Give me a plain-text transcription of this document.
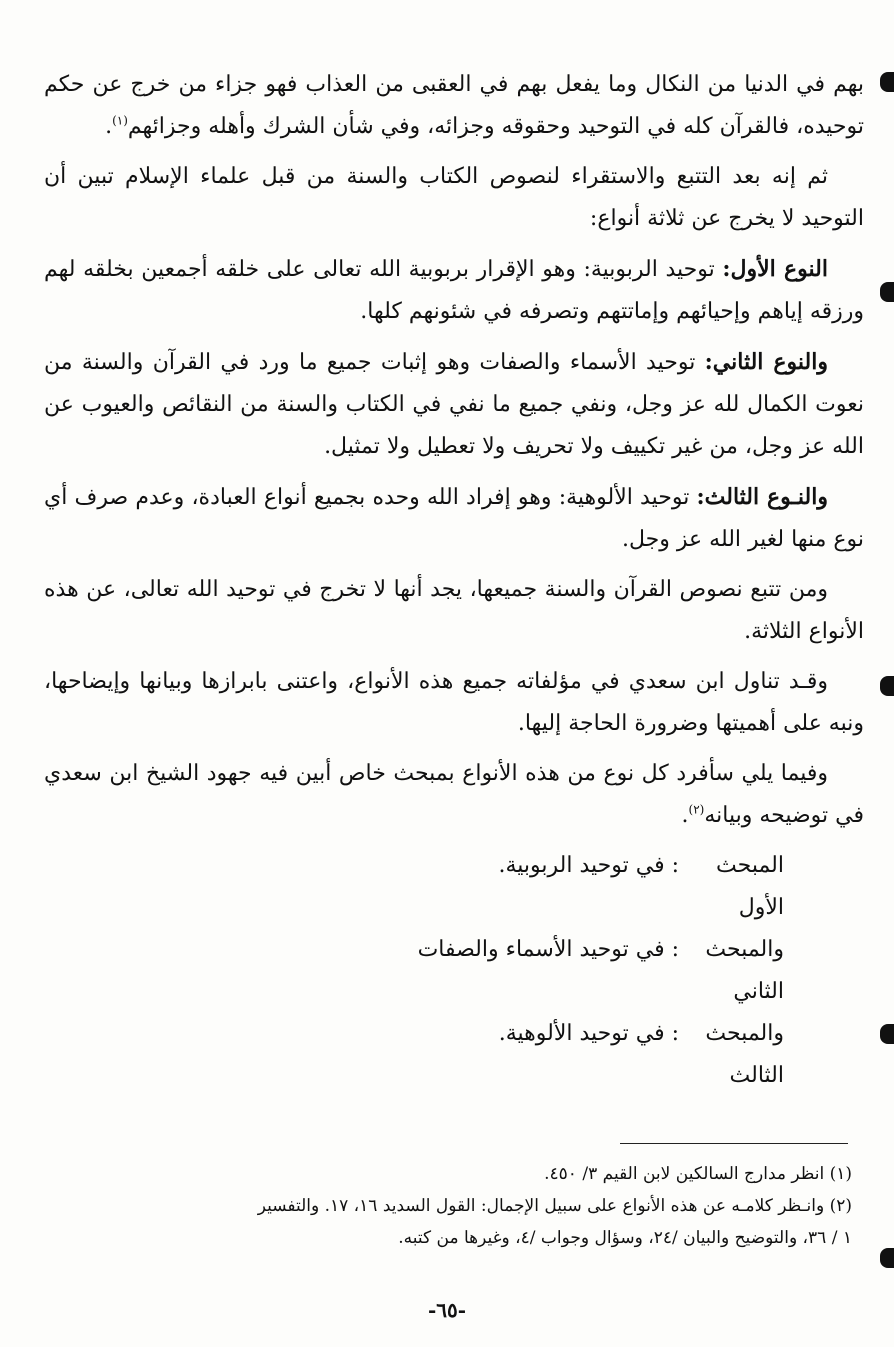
بهم في الدنيا من النكال وما يفعل بهم في العقبى من العذاب فهو جزاء من خرج عن حكم توحيده، فالقرآن كله في التوحيد وحقوقه وجزائه، وفي شأن الشرك وأهله وجزائهم$^{(١)}$.

ثم إنه بعد التتبع والاستقراء لنصوص الكتاب والسنة من قبل علماء الإسلام تبين أن التوحيد لا يخرج عن ثلاثة أنواع:

النوع الأول: توحيد الربوبية: وهو الإقرار بربوبية الله تعالى على خلقه أجمعين بخلقه لهم ورزقه إياهم وإحيائهم وإماتتهم وتصرفه في شئونهم كلها.

والنوع الثاني: توحيد الأسماء والصفات وهو إثبات جميع ما ورد في القرآن والسنة من نعوت الكمال لله عز وجل، ونفي جميع ما نفي في الكتاب والسنة من النقائص والعيوب عن الله عز وجل، من غير تكييف ولا تحريف ولا تعطيل ولا تمثيل.

والنـوع الثالث: توحيد الألوهية: وهو إفراد الله وحده بجميع أنواع العبادة، وعدم صرف أي نوع منها لغير الله عز وجل.

ومن تتبع نصوص القرآن والسنة جميعها، يجد أنها لا تخرج في توحيد الله تعالى، عن هذه الأنواع الثلاثة.

وقـد تناول ابن سعدي في مؤلفاته جميع هذه الأنواع، واعتنى بابرازها وبيانها وإيضاحها، ونبه على أهميتها وضرورة الحاجة إليها.

وفيما يلي سأفرد كل نوع من هذه الأنواع بمبحث خاص أبين فيه جهود الشيخ ابن سعدي في توضيحه وبيانه$^{(٢)}$.

المبحث الأول
: في توحيد الربوبية.
والمبحث الثاني
: في توحيد الأسماء والصفات
والمبحث الثالث
: في توحيد الألوهية.

(١) انظر مدارج السالكين لابن القيم ٣/ ٤٥٠.

(٢) وانـظر كلامـه عن هذه الأنواع على سبيل الإجمال: القول السديد ١٦، ١٧. والتفسير

١ / ٣٦، والتوضيح والبيان /٢٤، وسؤال وجواب /٤، وغيرها من كتبه.

-٦٥-
